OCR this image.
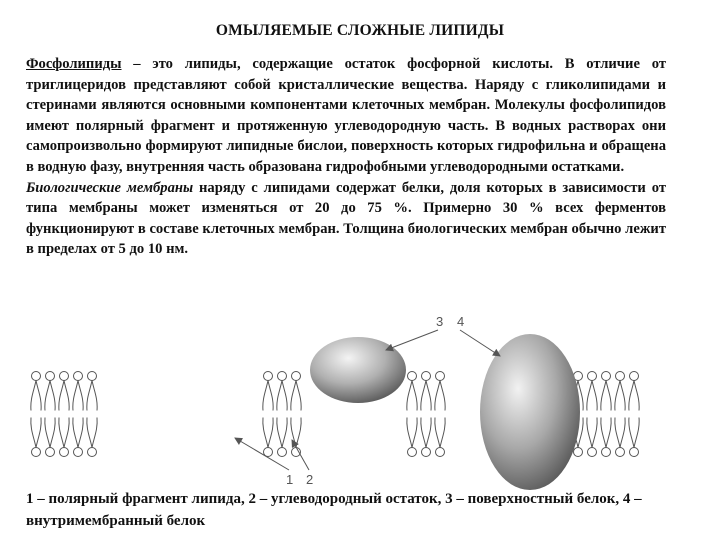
ОМЫЛЯЕМЫЕ СЛОЖНЫЕ ЛИПИДЫ

Фосфолипиды – это липиды, содержащие остаток фосфорной кислоты. В отличие от триглицеридов представляют собой кристаллические вещества. Наряду с гликолипидами и стеринами являются основными компонентами клеточных мембран. Молекулы фосфолипидов имеют полярный фрагмент и протяженную углеводородную часть. В водных растворах они самопроизвольно формируют липидные бислои, поверхность которых гидрофильна и обращена в водную фазу, внутренняя часть образована гидрофобными углеводородными остатками.

Биологические мембраны наряду с липидами содержат белки, доля которых в зависимости от типа мембраны может изменяться от 20 до 75 %. Примерно 30 % всех ферментов функционируют в составе клеточных мембран. Толщина биологических мембран обычно лежит в пределах от 5 до 10 нм.

3 4
1 2
1 – полярный фрагмент липида, 2 – углеводородный остаток, 3 – поверхностный белок, 4 – внутримембранный белок
